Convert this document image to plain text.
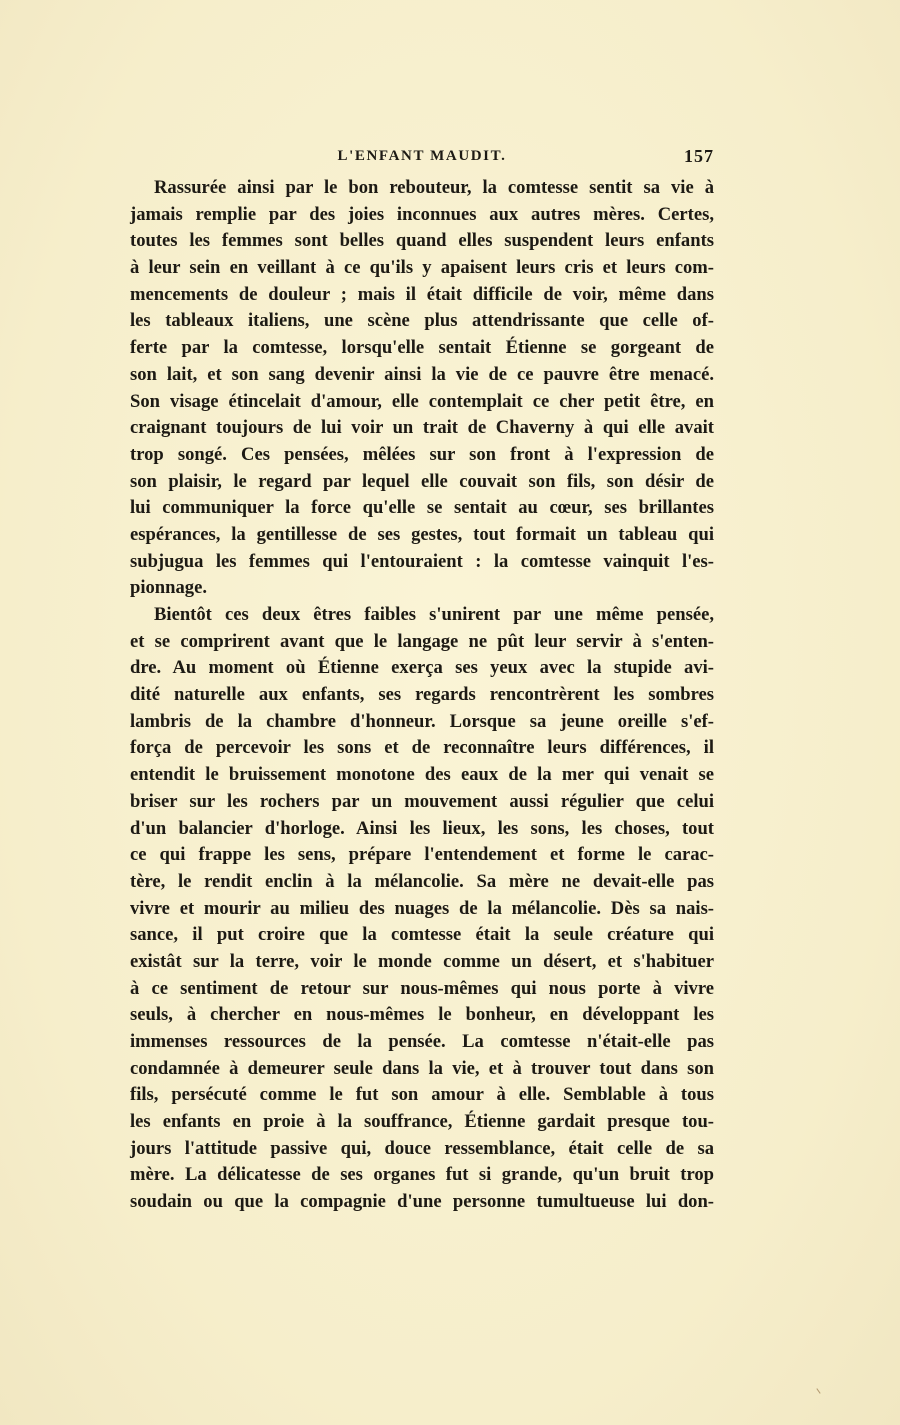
L'ENFANT MAUDIT.	157
Rassurée ainsi par le bon rebouteur, la comtesse sentit sa vie à
jamais remplie par des joies inconnues aux autres mères. Certes,
toutes les femmes sont belles quand elles suspendent leurs enfants
à leur sein en veillant à ce qu'ils y apaisent leurs cris et leurs com-
mencements de douleur ; mais il était difficile de voir, même dans
les tableaux italiens, une scène plus attendrissante que celle of-
ferte par la comtesse, lorsqu'elle sentait Étienne se gorgeant de
son lait, et son sang devenir ainsi la vie de ce pauvre être menacé.
Son visage étincelait d'amour, elle contemplait ce cher petit être, en
craignant toujours de lui voir un trait de Chaverny à qui elle avait
trop songé. Ces pensées, mêlées sur son front à l'expression de
son plaisir, le regard par lequel elle couvait son fils, son désir de
lui communiquer la force qu'elle se sentait au cœur, ses brillantes
espérances, la gentillesse de ses gestes, tout formait un tableau qui
subjugua les femmes qui l'entouraient : la comtesse vainquit l'es-
pionnage.
Bientôt ces deux êtres faibles s'unirent par une même pensée,
et se comprirent avant que le langage ne pût leur servir à s'enten-
dre. Au moment où Étienne exerça ses yeux avec la stupide avi-
dité naturelle aux enfants, ses regards rencontrèrent les sombres
lambris de la chambre d'honneur. Lorsque sa jeune oreille s'ef-
força de percevoir les sons et de reconnaître leurs différences, il
entendit le bruissement monotone des eaux de la mer qui venait se
briser sur les rochers par un mouvement aussi régulier que celui
d'un balancier d'horloge. Ainsi les lieux, les sons, les choses, tout
ce qui frappe les sens, prépare l'entendement et forme le carac-
tère, le rendit enclin à la mélancolie. Sa mère ne devait-elle pas
vivre et mourir au milieu des nuages de la mélancolie. Dès sa nais-
sance, il put croire que la comtesse était la seule créature qui
existât sur la terre, voir le monde comme un désert, et s'habituer
à ce sentiment de retour sur nous-mêmes qui nous porte à vivre
seuls, à chercher en nous-mêmes le bonheur, en développant les
immenses ressources de la pensée. La comtesse n'était-elle pas
condamnée à demeurer seule dans la vie, et à trouver tout dans son
fils, persécuté comme le fut son amour à elle. Semblable à tous
les enfants en proie à la souffrance, Étienne gardait presque tou-
jours l'attitude passive qui, douce ressemblance, était celle de sa
mère. La délicatesse de ses organes fut si grande, qu'un bruit trop
soudain ou que la compagnie d'une personne tumultueuse lui don-
